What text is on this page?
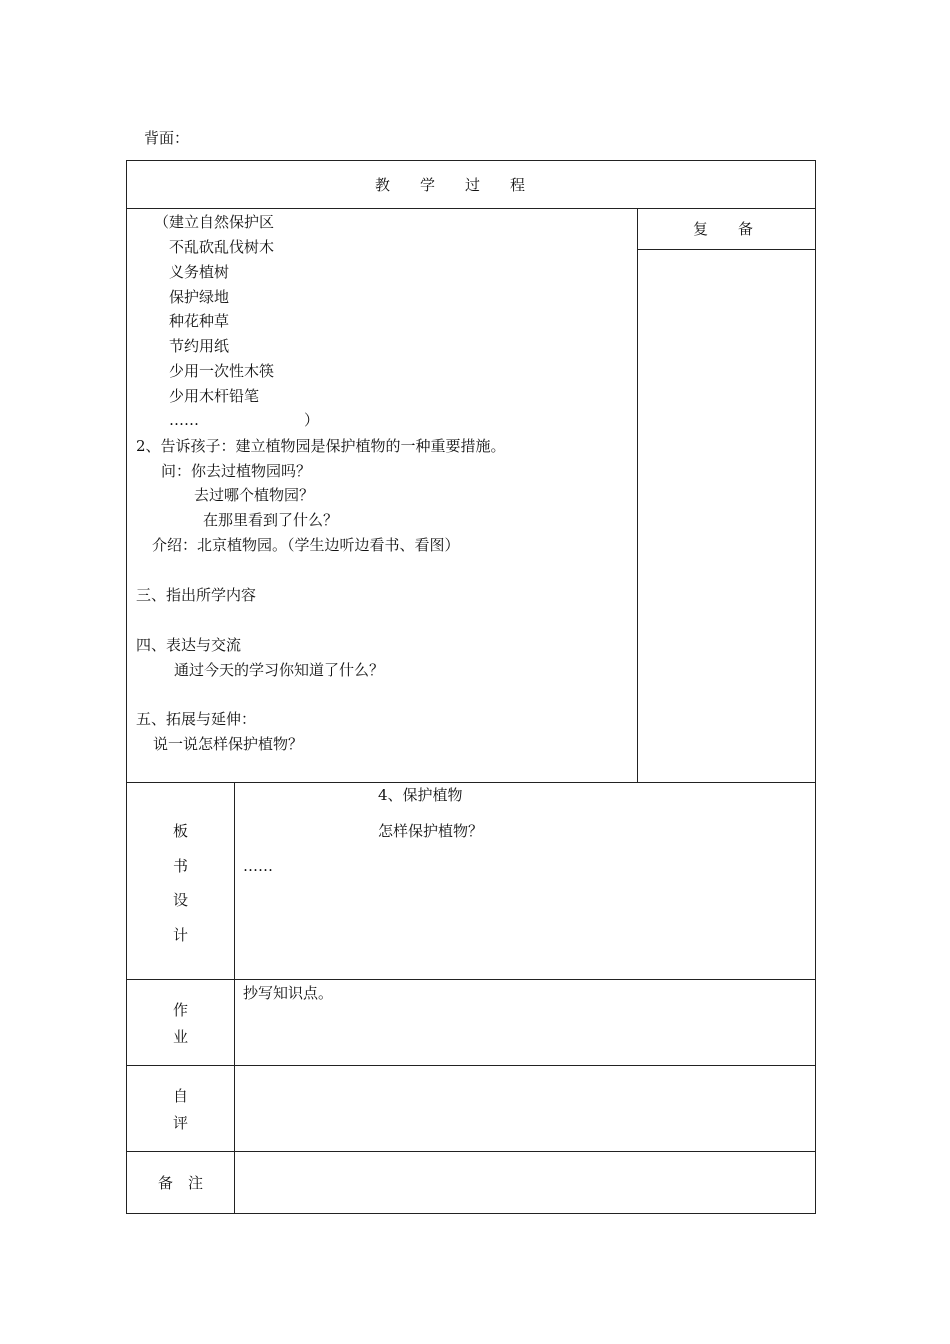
背面：
教　　学　　过　　程
复　　备
（建立自然保护区
不乱砍乱伐树木
义务植树
保护绿地
种花种草
节约用纸
少用一次性木筷
少用木杆铅笔
……	）
2、告诉孩子：建立植物园是保护植物的一种重要措施。
问：你去过植物园吗？
去过哪个植物园？
在那里看到了什么？
介绍：北京植物园。（学生边听边看书、看图）
三、指出所学内容
四、表达与交流
通过今天的学习你知道了什么？
五、拓展与延伸：
说一说怎样保护植物？
板
书
设
计
4、保护植物
怎样保护植物？
……
作
业
抄写知识点。
自
评
备　注
